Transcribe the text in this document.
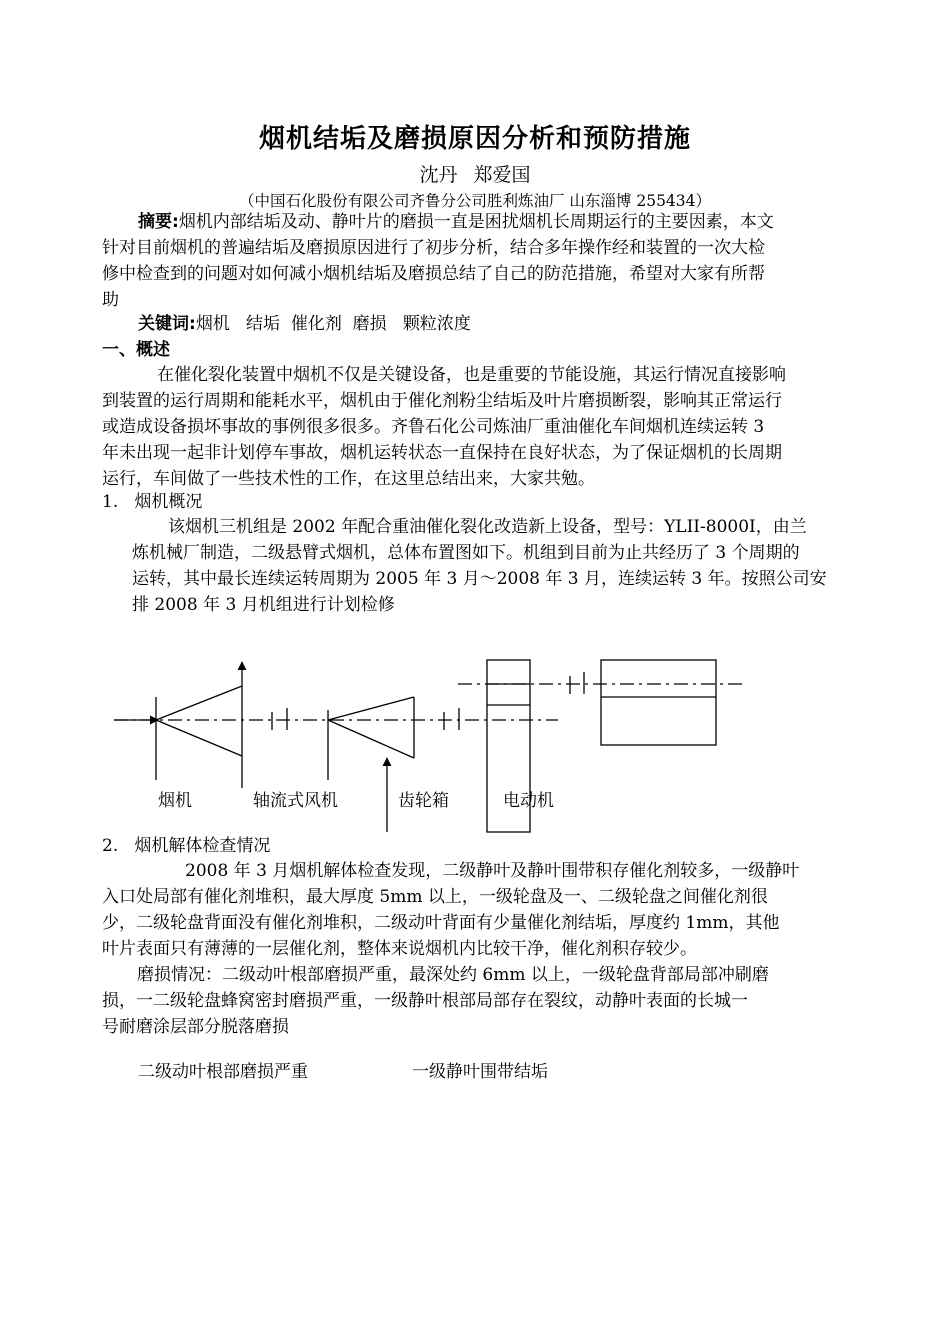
烟机结垢及磨损原因分析和预防措施
沈丹 郑爱国
（中国石化股份有限公司齐鲁分公司胜利炼油厂 山东淄博 255434）
摘要:烟机内部结垢及动、静叶片的磨损一直是困扰烟机长周期运行的主要因素，本文
针对目前烟机的普遍结垢及磨损原因进行了初步分析，结合多年操作经和装置的一次大检
修中检查到的问题对如何减小烟机结垢及磨损总结了自己的防范措施，希望对大家有所帮
助
关键词:烟机   结垢  催化剂  磨损   颗粒浓度
一、概述
在催化裂化装置中烟机不仅是关键设备，也是重要的节能设施，其运行情况直接影响
到装置的运行周期和能耗水平，烟机由于催化剂粉尘结垢及叶片磨损断裂，影响其正常运行
或造成设备损坏事故的事例很多很多。齐鲁石化公司炼油厂重油催化车间烟机连续运转 3
年未出现一起非计划停车事故，烟机运转状态一直保持在良好状态，为了保证烟机的长周期
运行，车间做了一些技术性的工作，在这里总结出来，大家共勉。
1.   烟机概况
该烟机三机组是 2002 年配合重油催化裂化改造新上设备，型号：YLII-8000I，由兰
炼机械厂制造，二级悬臂式烟机，总体布置图如下。机组到目前为止共经历了 3 个周期的
运转，其中最长连续运转周期为 2005 年 3 月～2008 年 3 月，连续运转 3 年。按照公司安
排 2008 年 3 月机组进行计划检修
烟机	轴流式风机	齿轮箱	电动机
2.   烟机解体检查情况
2008 年 3 月烟机解体检查发现，二级静叶及静叶围带积存催化剂较多，一级静叶
入口处局部有催化剂堆积，最大厚度 5mm 以上，一级轮盘及一、二级轮盘之间催化剂很
少，二级轮盘背面没有催化剂堆积，二级动叶背面有少量催化剂结垢，厚度约 1mm，其他
叶片表面只有薄薄的一层催化剂，整体来说烟机内比较干净，催化剂积存较少。
磨损情况：二级动叶根部磨损严重，最深处约 6mm 以上，一级轮盘背部局部冲刷磨
损，一二级轮盘蜂窝密封磨损严重，一级静叶根部局部存在裂纹，动静叶表面的长城一
号耐磨涂层部分脱落磨损
二级动叶根部磨损严重	一级静叶围带结垢
